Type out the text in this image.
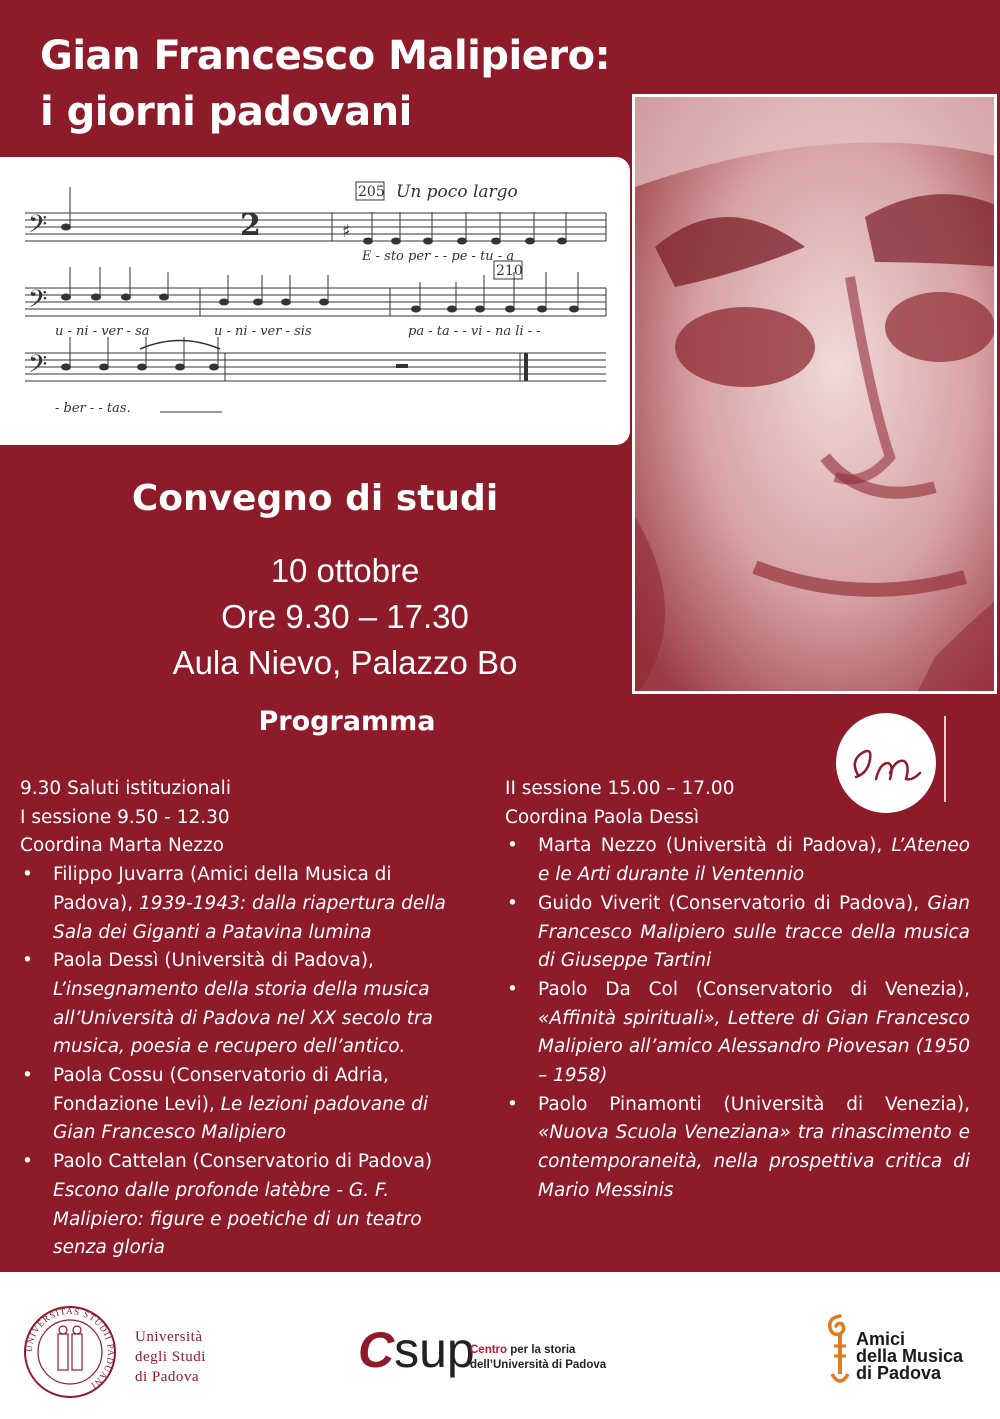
Gian Francesco Malipiero:
i giorni padovani
𝄢
𝄢
𝄢
2	♯
205 Un poco largo
210
E - sto per - - pe - tu - a
u - ni - ver - sa	u - ni - ver - sis	pa - ta - - vi - na li - -
- ber - - tas.
Convegno di studi
10 ottobre
Ore 9.30 – 17.30
Aula Nievo, Palazzo Bo
Programma
9.30 Saluti istituzionali
I sessione 9.50 - 12.30
Coordina Marta Nezzo
• Filippo Juvarra (Amici della Musica di Padova), 1939-1943: dalla riapertura della Sala dei Giganti a Patavina lumina
• Paola Dessì (Università di Padova), L’insegnamento della storia della musica all’Università di Padova nel XX secolo tra musica, poesia e recupero dell’antico.
• Paola Cossu (Conservatorio di Adria, Fondazione Levi), Le lezioni padovane di Gian Francesco Malipiero
• Paolo Cattelan (Conservatorio di Padova) Escono dalle profonde latèbre - G. F. Malipiero: figure e poetiche di un teatro senza gloria
II sessione 15.00 – 17.00
Coordina Paola Dessì
• Marta Nezzo (Università di Padova), L’Ateneo e le Arti durante il Ventennio
• Guido Viverit (Conservatorio di Padova), Gian Francesco Malipiero sulle tracce della musica di Giuseppe Tartini
• Paolo Da Col (Conservatorio di Venezia), «Affinità spirituali», Lettere di Gian Francesco Malipiero all’amico Alessandro Piovesan (1950 – 1958)
• Paolo Pinamonti (Università di Venezia), «Nuova Scuola Veneziana» tra rinascimento e contemporaneità, nella prospettiva critica di Mario Messinis
UNIVERSITAS STUDII PADUANI
Università
degli Studi
di Padova	Csup
Centro per la storia
dell’Università di Padova
Amici
della Musica
di Padova
